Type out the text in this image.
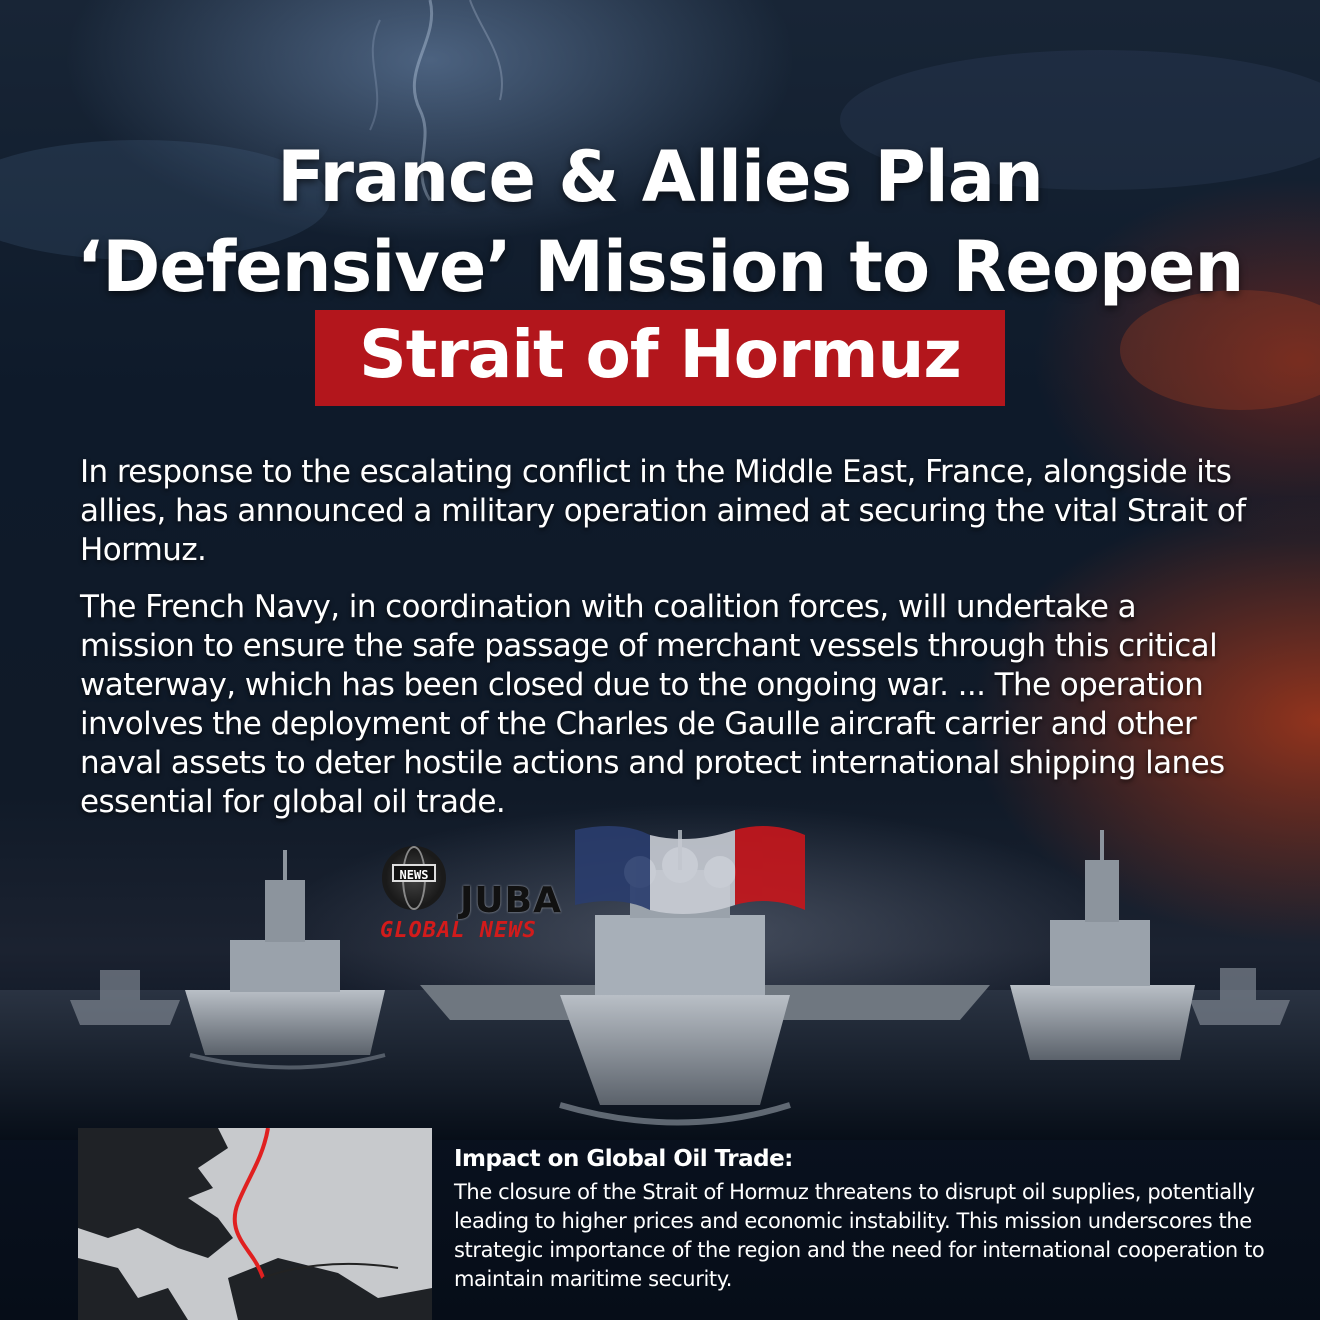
France & Allies Plan
‘Defensive’ Mission to Reopen
Strait of Hormuz
In response to the escalating conflict in the Middle East, France, alongside its allies, has announced a military operation aimed at securing the vital Strait of Hormuz.
The French Navy, in coordination with coalition forces, will undertake a mission to ensure the safe passage of merchant vessels through this critical waterway, which has been closed due to the ongoing war. ... The operation involves the deployment of the Charles de Gaulle aircraft carrier and other naval assets to deter hostile actions and protect international shipping lanes essential for global oil trade.
NEWS
JUBA
GLOBAL NEWS
Impact on Global Oil Trade:
The closure of the Strait of Hormuz threatens to disrupt oil supplies, potentially leading to higher prices and economic instability. This mission underscores the strategic importance of the region and the need for international cooperation to maintain maritime security.
